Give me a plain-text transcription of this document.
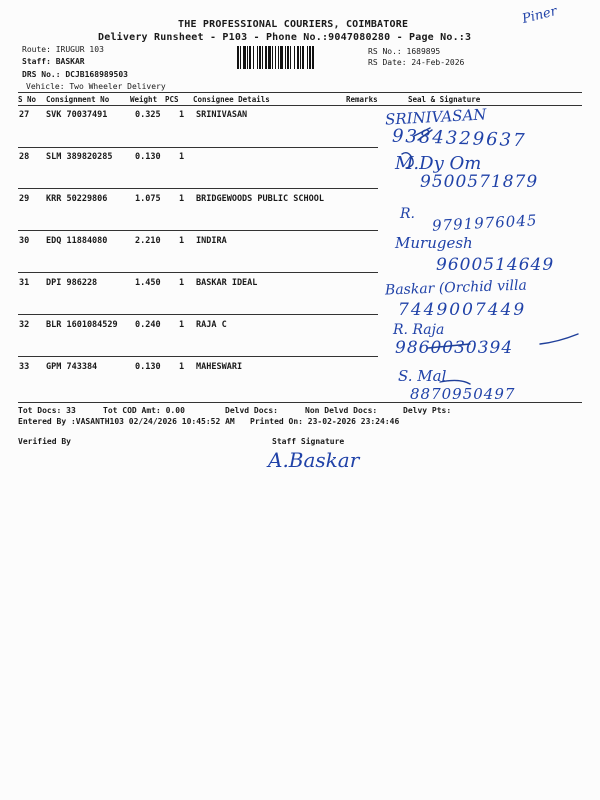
THE PROFESSIONAL COURIERS, COIMBATORE
Delivery Runsheet - P103 - Phone No.:9047080280 - Page No.:3
Route: IRUGUR 103
Staff: BASKAR
DRS No.: DCJB168989503
Vehicle: Two Wheeler Delivery
RS No.: 1689895
RS Date: 24-Feb-2026
Piner
S No Consignment No	Weight PCS Consignee Details	Remarks	Seal & Signature
27 SVK 70037491	0.325 1 SRINIVASAN
28 SLM 389820285	0.130 1
29 KRR 50229806	1.075 1 BRIDGEWOODS PUBLIC SCHOOL
30 EDQ 11884080	2.210 1 INDIRA
31 DPI 986228	1.450 1 BASKAR IDEAL
32 BLR 1601084529 0.240 1 RAJA C
33 GPM 743384	0.130 1 MAHESWARI
SRINIVASAN
9384329637
M.Dy Om
9500571879
R. 9791976045
Murugesh
9600514649
Baskar (Orchid villa
7449007449
R. Raja
9860030394
S. Mal
8870950497
Tot Docs: 33	Tot COD Amt: 0.00	Delvd Docs:	Non Delvd Docs:	Delvy Pts:
Entered By :VASANTH103 02/24/2026 10:45:52 AM Printed On: 23-02-2026 23:24:46
Verified By	Staff Signature
A.Baskar
